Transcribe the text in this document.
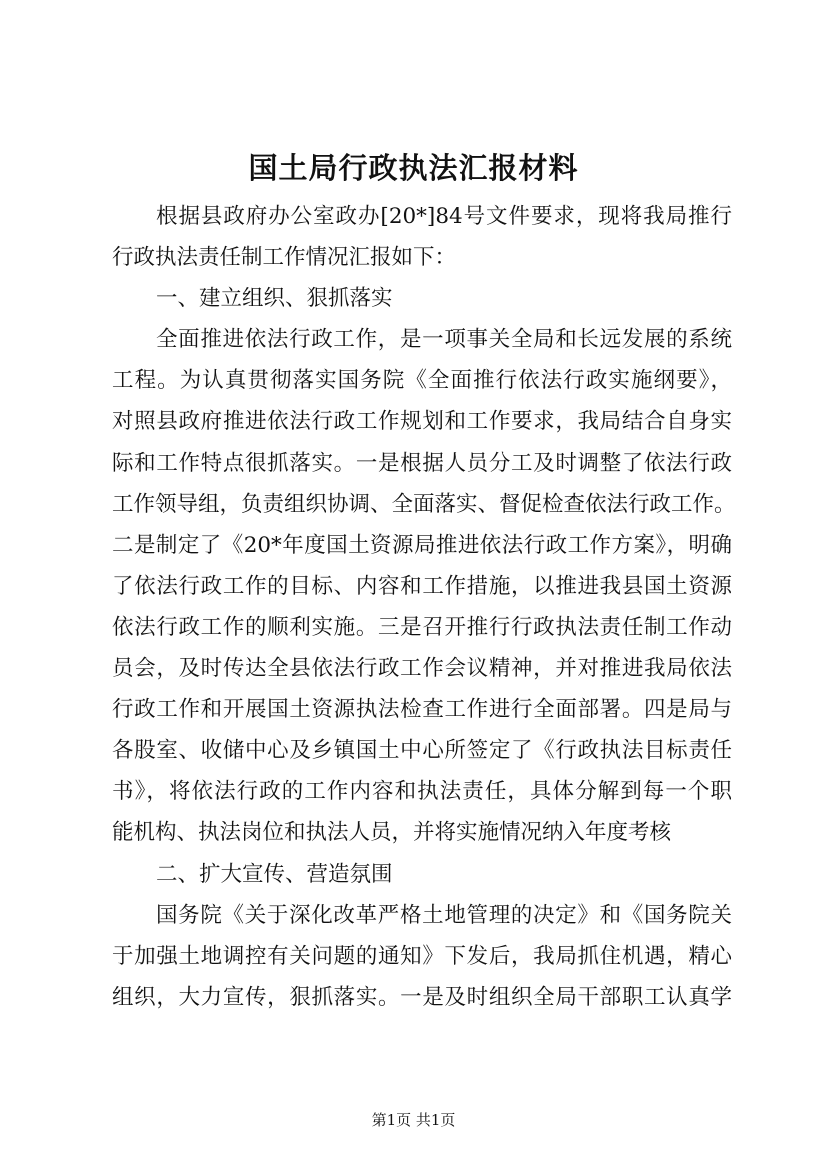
国土局行政执法汇报材料
根据县政府办公室政办[20*]84号文件要求，现将我局推行
行政执法责任制工作情况汇报如下：
一、建立组织、狠抓落实
全面推进依法行政工作，是一项事关全局和长远发展的系统
工程。为认真贯彻落实国务院《全面推行依法行政实施纲要》，
对照县政府推进依法行政工作规划和工作要求，我局结合自身实
际和工作特点很抓落实。一是根据人员分工及时调整了依法行政
工作领导组，负责组织协调、全面落实、督促检查依法行政工作。
二是制定了《20*年度国土资源局推进依法行政工作方案》，明确
了依法行政工作的目标、内容和工作措施，以推进我县国土资源
依法行政工作的顺利实施。三是召开推行行政执法责任制工作动
员会，及时传达全县依法行政工作会议精神，并对推进我局依法
行政工作和开展国土资源执法检查工作进行全面部署。四是局与
各股室、收储中心及乡镇国土中心所签定了《行政执法目标责任
书》，将依法行政的工作内容和执法责任，具体分解到每一个职
能机构、执法岗位和执法人员，并将实施情况纳入年度考核
二、扩大宣传、营造氛围
国务院《关于深化改革严格土地管理的决定》和《国务院关
于加强土地调控有关问题的通知》下发后，我局抓住机遇，精心
组织，大力宣传，狠抓落实。一是及时组织全局干部职工认真学
第1页 共1页
